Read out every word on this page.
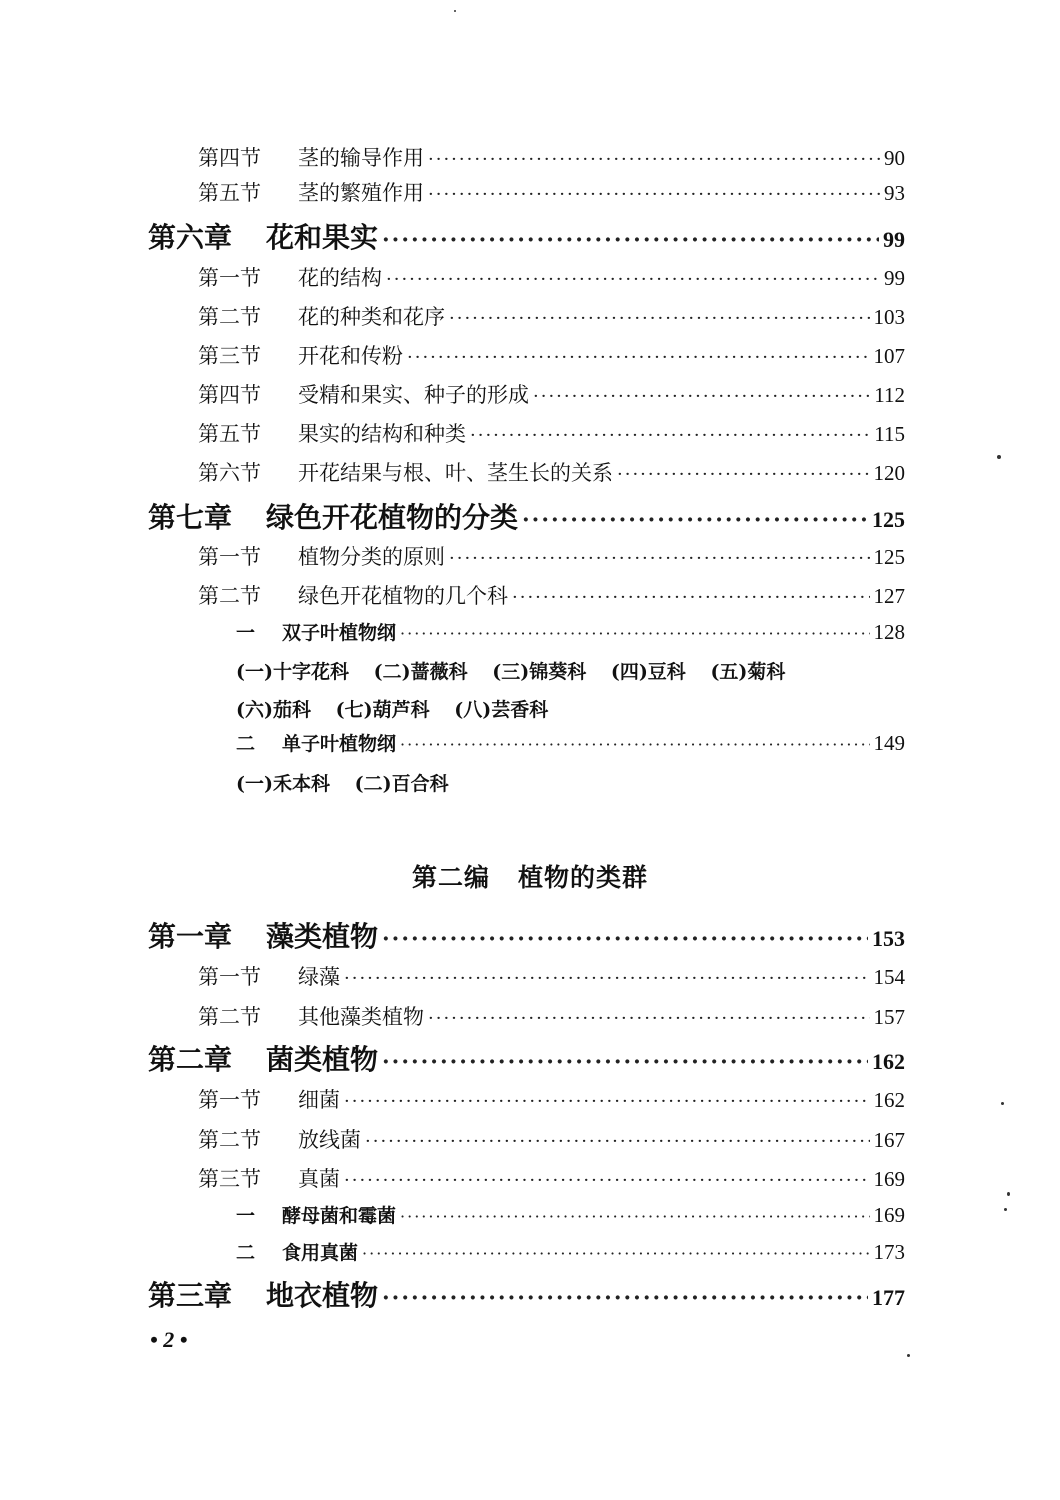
第四节	茎的输导作用 ·····	90
第五节	茎的繁殖作用 ·····	93
第六章	花和果实 ·····	99
第一节	花的结构 ·····	99
第二节	花的种类和花序 ·····	103
第三节	开花和传粉 ·····	107
第四节	受精和果实、种子的形成 ·····	112
第五节	果实的结构和种类 ·····	115
第六节	开花结果与根、叶、茎生长的关系 ·····	120
第七章	绿色开花植物的分类 ·····	125
第一节	植物分类的原则 ·····	125
第二节	绿色开花植物的几个科 ·····	127
一	双子叶植物纲 ·····	128
(一)十字花科 (二)蔷薇科 (三)锦葵科 (四)豆科 (五)菊科
(六)茄科 (七)葫芦科 (八)芸香科
二	单子叶植物纲 ·····	149
(一)禾本科 (二)百合科
第二编 植物的类群
第一章	藻类植物 ·····	153
第一节	绿藻 ·····	154
第二节	其他藻类植物 ·····	157
第二章	菌类植物 ·····	162
第一节	细菌 ·····	162
第二节	放线菌 ·····	167
第三节	真菌 ·····	169
一	酵母菌和霉菌 ·····	169
二	食用真菌 ·····	173
第三章	地衣植物 ·····	177
• 2 •
